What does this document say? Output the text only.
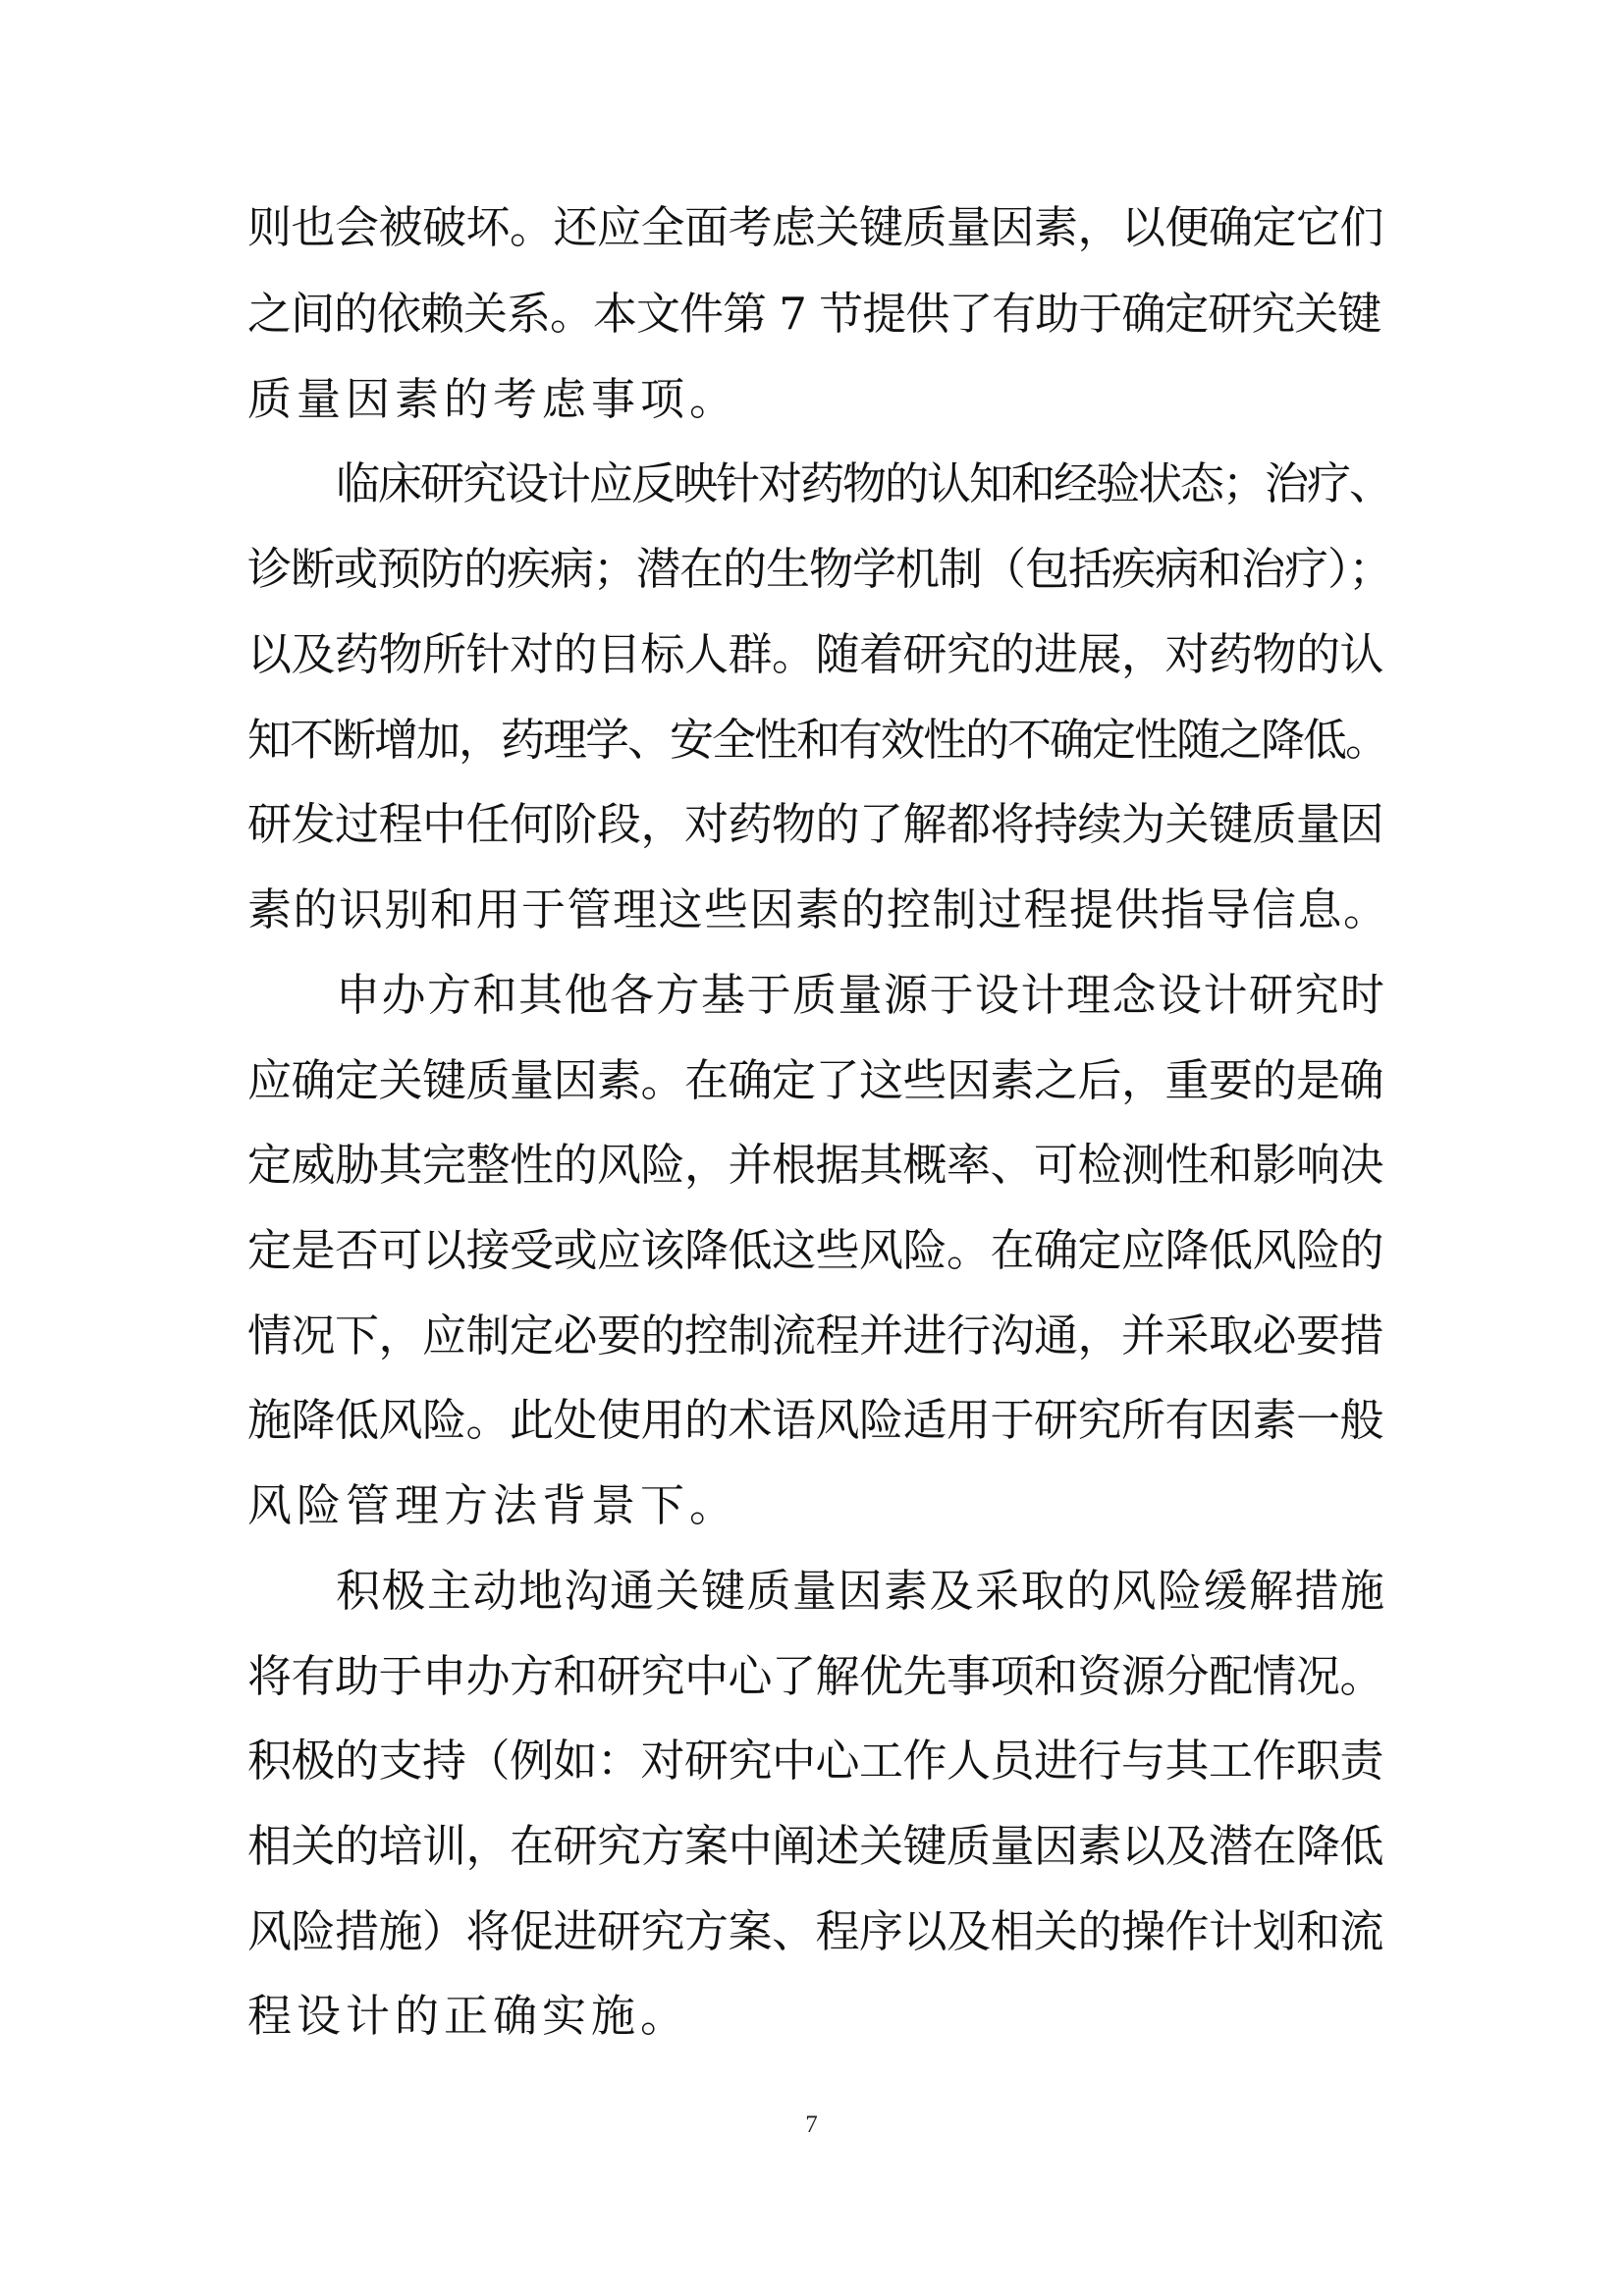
则也会被破坏。还应全面考虑关键质量因素，以便确定它们

之间的依赖关系。本文件第 7 节提供了有助于确定研究关键

质量因素的考虑事项。

临床研究设计应反映针对药物的认知和经验状态；治疗、

诊断或预防的疾病；潜在的生物学机制（包括疾病和治疗）；

以及药物所针对的目标人群。随着研究的进展，对药物的认

知不断增加，药理学、安全性和有效性的不确定性随之降低。

研发过程中任何阶段，对药物的了解都将持续为关键质量因

素的识别和用于管理这些因素的控制过程提供指导信息。

申办方和其他各方基于质量源于设计理念设计研究时

应确定关键质量因素。在确定了这些因素之后，重要的是确

定威胁其完整性的风险，并根据其概率、可检测性和影响决

定是否可以接受或应该降低这些风险。在确定应降低风险的

情况下，应制定必要的控制流程并进行沟通，并采取必要措

施降低风险。此处使用的术语风险适用于研究所有因素一般

风险管理方法背景下。

积极主动地沟通关键质量因素及采取的风险缓解措施

将有助于申办方和研究中心了解优先事项和资源分配情况。

积极的支持（例如：对研究中心工作人员进行与其工作职责

相关的培训，在研究方案中阐述关键质量因素以及潜在降低

风险措施）将促进研究方案、程序以及相关的操作计划和流

程设计的正确实施。

7
